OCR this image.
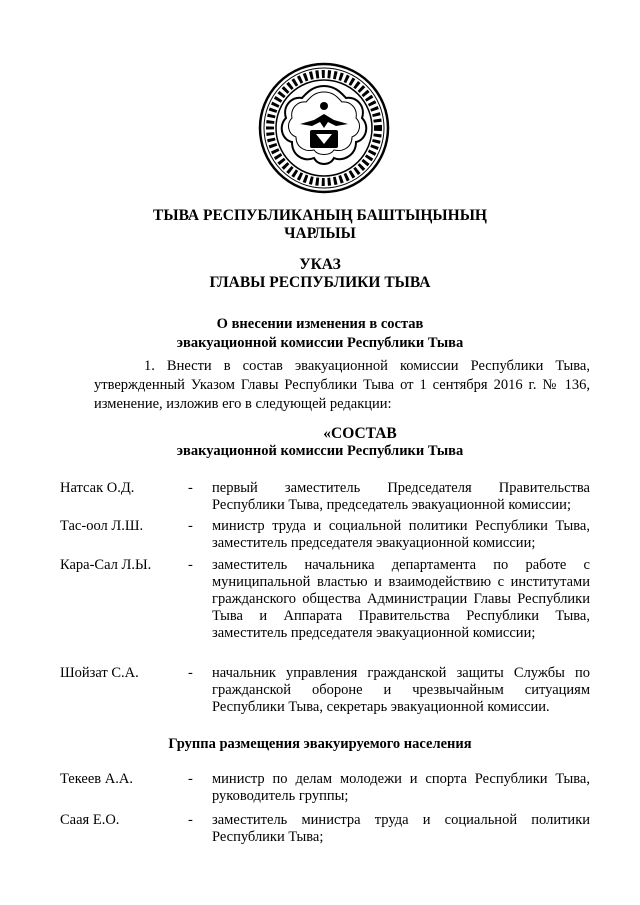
ТЫВА РЕСПУБЛИКАНЫҢ БАШТЫҢЫНЫҢ
ЧАРЛЫЫ
УКАЗ
ГЛАВЫ РЕСПУБЛИКИ ТЫВА
О внесении изменения в состав
эвакуационной комиссии Республики Тыва
1. Внести в состав эвакуационной комиссии Республики Тыва, утвержденный Указом Главы Республики Тыва от 1 сентября 2016 г. № 136, изменение, изложив его в следующей редакции:
«СОСТАВ
эвакуационной комиссии Республики Тыва
Натсак О.Д.	-	первый заместитель Председателя Правительства Республики Тыва, председатель эвакуационной комиссии;
Тас-оол Л.Ш.	-	министр труда и социальной политики Республики Тыва, заместитель председателя эвакуационной комиссии;
Кара-Сал Л.Ы.	-	заместитель начальника департамента по работе с муниципальной властью и взаимодействию с институтами гражданского общества Администрации Главы Республики Тыва и Аппарата Правительства Республики Тыва, заместитель председателя эвакуационной комиссии;
Шойзат С.А.	-	начальник управления гражданской защиты Службы по гражданской обороне и чрезвычайным ситуациям Республики Тыва, секретарь эвакуационной комиссии.
Группа размещения эвакуируемого населения
Текеев А.А.	-	министр по делам молодежи и спорта Республики Тыва, руководитель группы;
Саая Е.О.	-	заместитель министра труда и социальной политики Республики Тыва;
